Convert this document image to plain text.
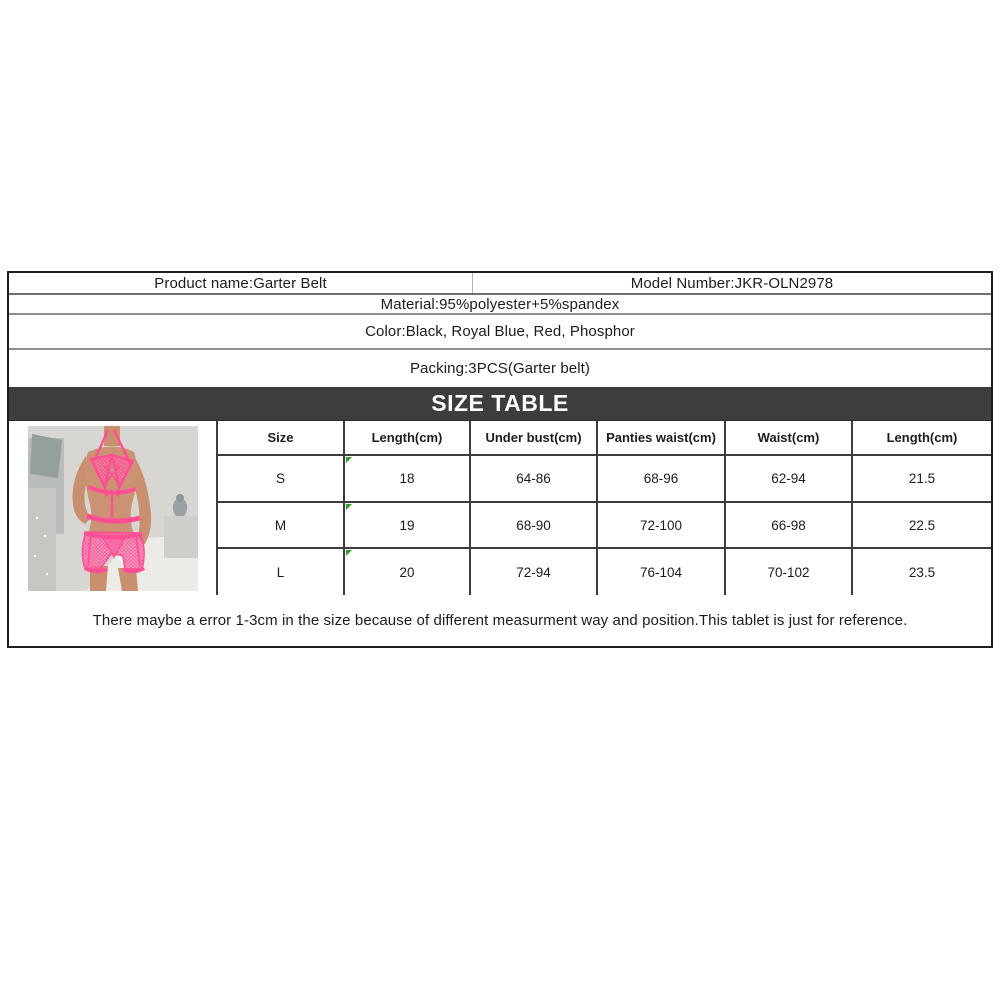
Product name:Garter Belt	Model Number:JKR-OLN2978
Material:95%polyester+5%spandex
Color:Black, Royal Blue, Red, Phosphor
Packing:3PCS(Garter belt)
SIZE TABLE
Size	Length(cm)	Under bust(cm)	Panties waist(cm)	Waist(cm)	Length(cm)
S	18	64-86	68-96	62-94	21.5
M	19	68-90	72-100	66-98	22.5
L	20	72-94	76-104	70-102	23.5
There maybe a error 1-3cm in the size because of different measurment way and position.This tablet is just for reference.
